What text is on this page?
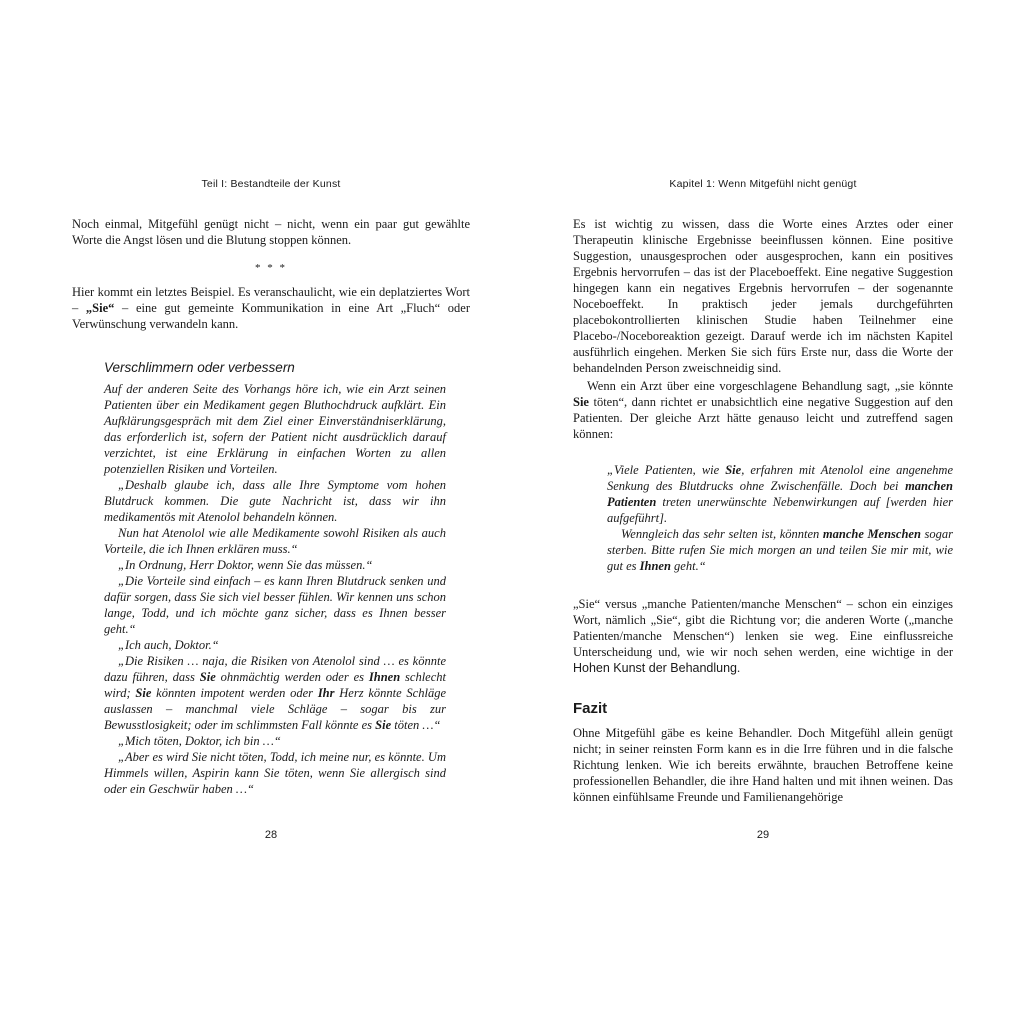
Teil I: Bestandteile der Kunst

Noch einmal, Mitgefühl genügt nicht – nicht, wenn ein paar gut gewählte Worte die Angst lösen und die Blutung stoppen können.

* * *

Hier kommt ein letztes Beispiel. Es veranschaulicht, wie ein deplatziertes Wort – „Sie“ – eine gut gemeinte Kommunikation in eine Art „Fluch“ oder Verwünschung verwandeln kann.

Verschlimmern oder verbessern

Auf der anderen Seite des Vorhangs höre ich, wie ein Arzt seinen Patienten über ein Medikament gegen Bluthochdruck aufklärt. Ein Aufklärungsgespräch mit dem Ziel einer Einverständniserklärung, das erforderlich ist, sofern der Patient nicht ausdrücklich darauf verzichtet, ist eine Erklärung in einfachen Worten zu allen potenziellen Risiken und Vorteilen.

„Deshalb glaube ich, dass alle Ihre Symptome vom hohen Blutdruck kommen. Die gute Nachricht ist, dass wir ihn medikamentös mit Atenolol behandeln können.

Nun hat Atenolol wie alle Medikamente sowohl Risiken als auch Vorteile, die ich Ihnen erklären muss.“

„In Ordnung, Herr Doktor, wenn Sie das müssen.“

„Die Vorteile sind einfach – es kann Ihren Blutdruck senken und dafür sorgen, dass Sie sich viel besser fühlen. Wir kennen uns schon lange, Todd, und ich möchte ganz sicher, dass es Ihnen besser geht.“

„Ich auch, Doktor.“

„Die Risiken … naja, die Risiken von Atenolol sind … es könnte dazu führen, dass Sie ohnmächtig werden oder es Ihnen schlecht wird; Sie könnten impotent werden oder Ihr Herz könnte Schläge auslassen – manchmal viele Schläge – sogar bis zur Bewusstlosigkeit; oder im schlimmsten Fall könnte es Sie töten …“

„Mich töten, Doktor, ich bin …“

„Aber es wird Sie nicht töten, Todd, ich meine nur, es könnte. Um Himmels willen, Aspirin kann Sie töten, wenn Sie allergisch sind oder ein Geschwür haben …“

28
Kapitel 1: Wenn Mitgefühl nicht genügt

Es ist wichtig zu wissen, dass die Worte eines Arztes oder einer Therapeutin klinische Ergebnisse beeinflussen können. Eine positive Suggestion, unausgesprochen oder ausgesprochen, kann ein positives Ergebnis hervorrufen – das ist der Placeboeffekt. Eine negative Suggestion hingegen kann ein negatives Ergebnis hervorrufen – der sogenannte Noceboeffekt. In praktisch jeder jemals durchgeführten placebokontrollierten klinischen Studie haben Teilnehmer eine Placebo-/Noceboreaktion gezeigt. Darauf werde ich im nächsten Kapitel ausführlich eingehen. Merken Sie sich fürs Erste nur, dass die Worte der behandelnden Person zweischneidig sind.

Wenn ein Arzt über eine vorgeschlagene Behandlung sagt, „sie könnte Sie töten“, dann richtet er unabsichtlich eine negative Suggestion auf den Patienten. Der gleiche Arzt hätte genauso leicht und zutreffend sagen können:

„Viele Patienten, wie Sie, erfahren mit Atenolol eine angenehme Senkung des Blutdrucks ohne Zwischenfälle. Doch bei manchen Patienten treten unerwünschte Nebenwirkungen auf [werden hier aufgeführt].

Wenngleich das sehr selten ist, könnten manche Menschen sogar sterben. Bitte rufen Sie mich morgen an und teilen Sie mir mit, wie gut es Ihnen geht.“

„Sie“ versus „manche Patienten/manche Menschen“ – schon ein einziges Wort, nämlich „Sie“, gibt die Richtung vor; die anderen Worte („manche Patienten/manche Menschen“) lenken sie weg. Eine einflussreiche Unterscheidung und, wie wir noch sehen werden, eine wichtige in der Hohen Kunst der Behandlung.

Fazit

Ohne Mitgefühl gäbe es keine Behandler. Doch Mitgefühl allein genügt nicht; in seiner reinsten Form kann es in die Irre führen und in die falsche Richtung lenken. Wie ich bereits erwähnte, brauchen Betroffene keine professionellen Behandler, die ihre Hand halten und mit ihnen weinen. Das können einfühlsame Freunde und Familienangehörige

29
